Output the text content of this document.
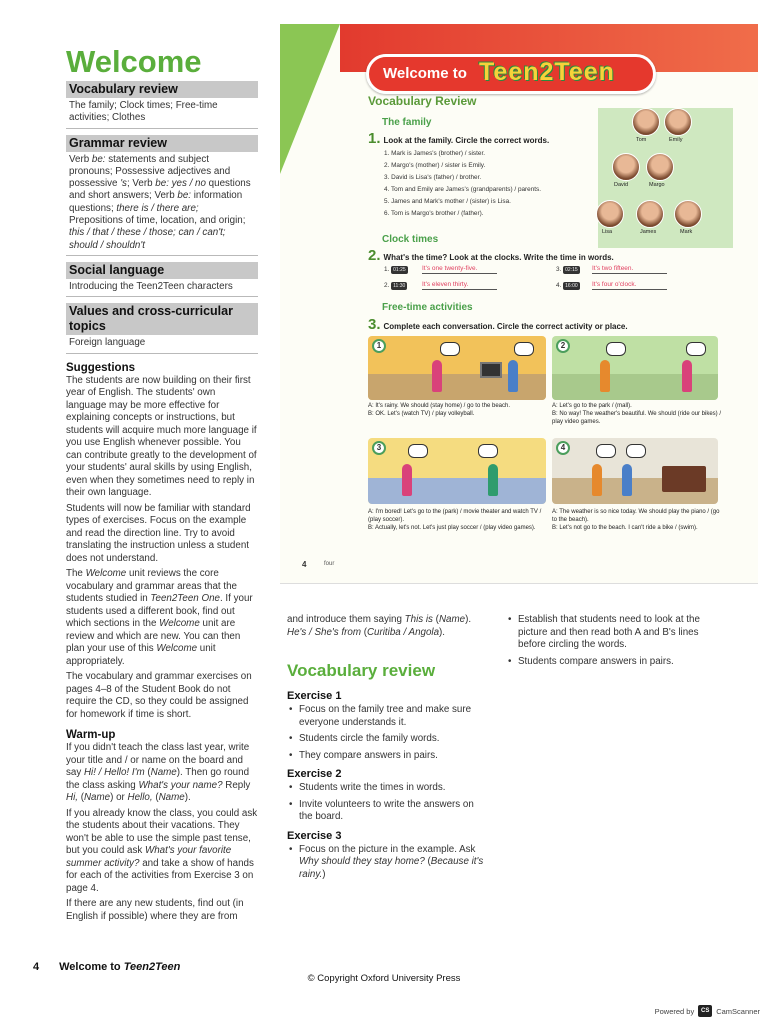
Welcome
Vocabulary review
The family; Clock times; Free-time activities; Clothes
Grammar review
Verb be: statements and subject pronouns; Possessive adjectives and possessive 's; Verb be: yes / no questions and short answers; Verb be: information questions; there is / there are; Prepositions of time, location, and origin; this / that / these / those; can / can't; should / shouldn't
Social language
Introducing the Teen2Teen characters
Values and cross-curricular topics
Foreign language
Suggestions
The students are now building on their first year of English. The students' own language may be more effective for explaining concepts or instructions, but students will acquire much more language if you use English whenever possible. You can contribute greatly to the development of your students' aural skills by using English, even when they sometimes need to reply in their own language.
Students will now be familiar with standard types of exercises. Focus on the example and read the direction line. Try to avoid translating the instruction unless a student does not understand.
The Welcome unit reviews the core vocabulary and grammar areas that the students studied in Teen2Teen One. If your students used a different book, find out which sections in the Welcome unit are review and which are new. You can then plan your use of this Welcome unit appropriately.
The vocabulary and grammar exercises on pages 4–8 of the Student Book do not require the CD, so they could be assigned for homework if time is short.
Warm-up
If you didn't teach the class last year, write your title and / or name on the board and say Hi! / Hello! I'm (Name). Then go round the class asking What's your name? Reply Hi, (Name) or Hello, (Name).
If you already know the class, you could ask the students about their vacations. They won't be able to use the simple past tense, but you could ask What's your favorite summer activity? and take a show of hands for each of the activities from Exercise 3 on page 4.
If there are any new students, find out (in English if possible) where they are from
Welcome to Teen2Teen
Vocabulary Review
The family
1. Look at the family. Circle the correct words.
1. Mark is James's (brother) / sister.
2. Margo's (mother) / sister is Emily.
3. David is Lisa's (father) / brother.
4. Tom and Emily are James's (grandparents) / parents.
5. James and Mark's mother / (sister) is Lisa.
6. Tom is Margo's brother / (father).
Tom	Emily
David	Margo
Lisa	James	Mark
Clock times
2. What's the time? Look at the clocks. Write the time in words.
1. 01:25	It's one twenty-five.
2. 11:30	It's eleven thirty.
3. 02:15	It's two fifteen.
4. 16:00	It's four o'clock.
Free-time activities
3. Complete each conversation. Circle the correct activity or place.
1
A: It's rainy. We should (stay home) / go to the beach.
B: OK. Let's (watch TV) / play volleyball.
2
A: Let's go to the park / (mall).
B: No way! The weather's beautiful. We should (ride our bikes) / play video games.
3
A: I'm bored! Let's go to the (park) / movie theater and watch TV / (play soccer).
B: Actually, let's not. Let's just play soccer / (play video games).
4
A: The weather is so nice today. We should play the piano / (go to the beach).
B: Let's not go to the beach. I can't ride a bike / (swim).
4	four
and introduce them saying This is (Name). He's / She's from (Curitiba / Angola).
Vocabulary review
Exercise 1
• Focus on the family tree and make sure everyone understands it.
• Students circle the family words.
• They compare answers in pairs.
Exercise 2
• Students write the times in words.
• Invite volunteers to write the answers on the board.
Exercise 3
• Focus on the picture in the example. Ask Why should they stay home? (Because it's rainy.)
• Establish that students need to look at the picture and then read both A and B's lines before circling the words.
• Students compare answers in pairs.
4 Welcome to Teen2Teen
© Copyright Oxford University Press
Powered by	CS CamScanner
